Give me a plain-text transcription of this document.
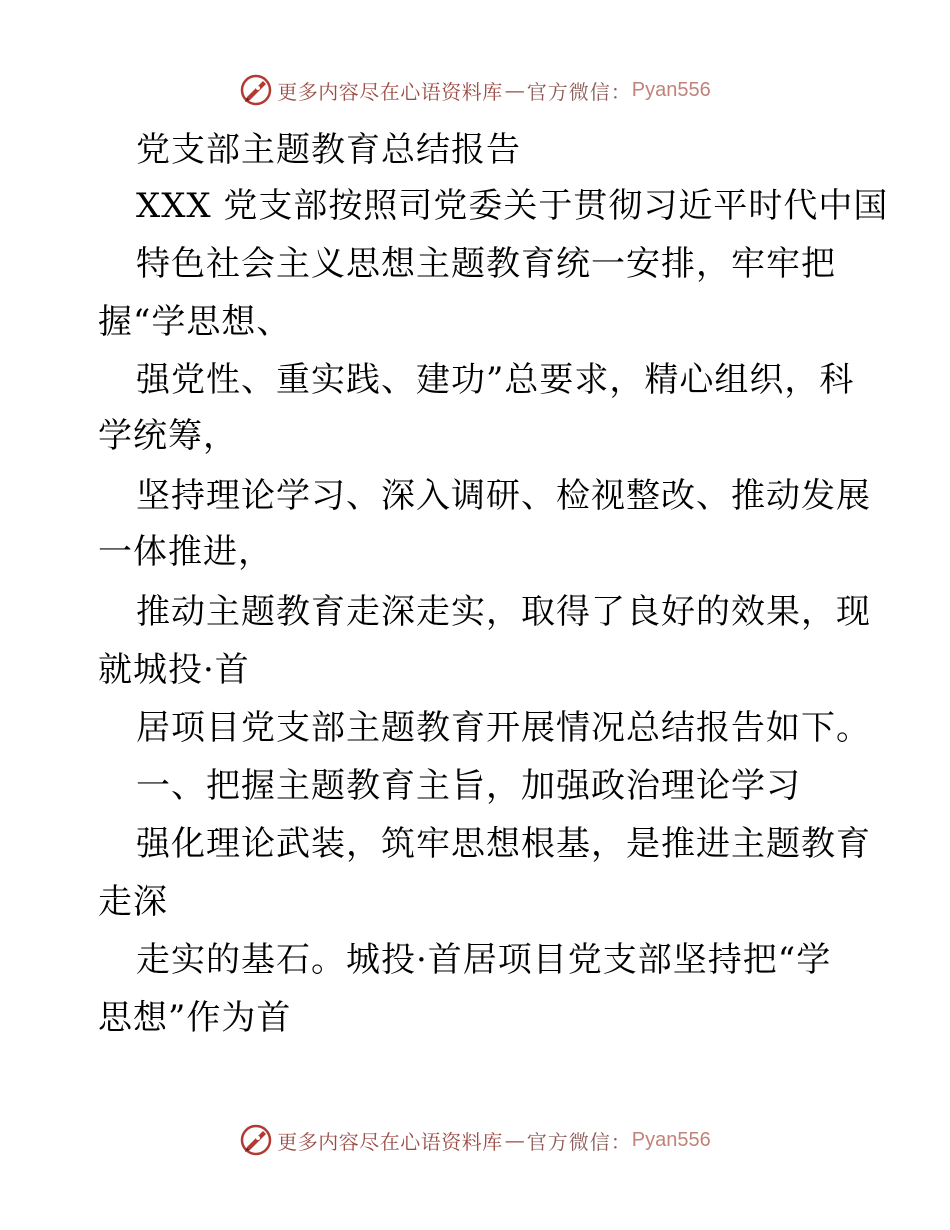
更多内容尽在心语资料库 — 官方微信： Pyan556
党支部主题教育总结报告
XXX 党支部按照司党委关于贯彻习近平时代中国
特色社会主义思想主题教育统一安排，牢牢把
握“学思想、
强党性、重实践、建功”总要求，精心组织，科
学统筹，
坚持理论学习、深入调研、检视整改、推动发展
一体推进，
推动主题教育走深走实，取得了良好的效果，现
就城投·首
居项目党支部主题教育开展情况总结报告如下。
一、把握主题教育主旨，加强政治理论学习
强化理论武装，筑牢思想根基，是推进主题教育
走深
走实的基石。城投·首居项目党支部坚持把“学
思想”作为首
更多内容尽在心语资料库 — 官方微信： Pyan556
